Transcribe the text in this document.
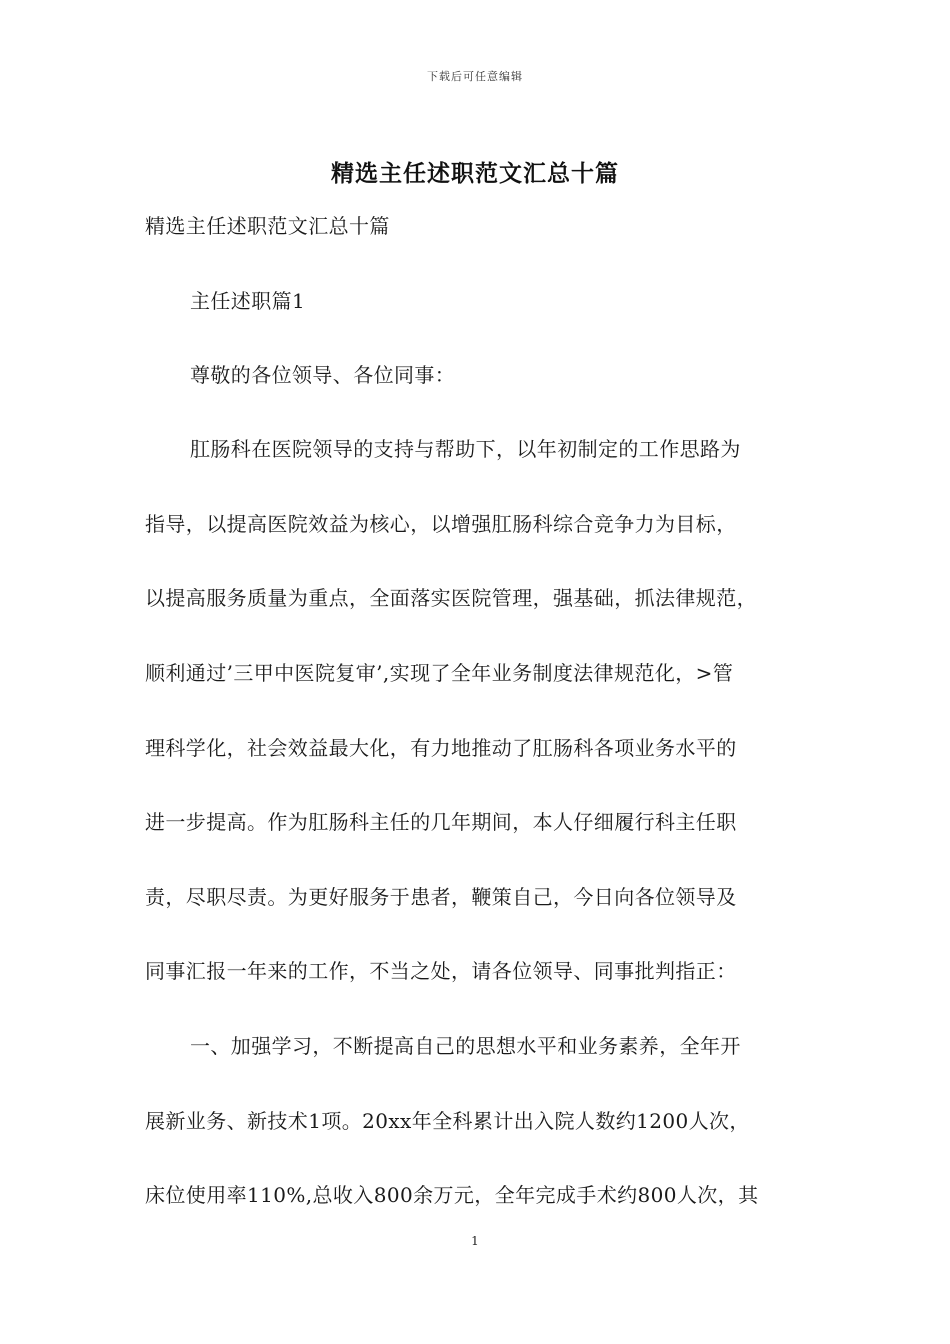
下载后可任意编辑
精选主任述职范文汇总十篇
精选主任述职范文汇总十篇
主任述职篇1
尊敬的各位领导、各位同事：
肛肠科在医院领导的支持与帮助下，以年初制定的工作思路为
指导，以提高医院效益为核心，以增强肛肠科综合竞争力为目标，
以提高服务质量为重点，全面落实医院管理，强基础，抓法律规范，
顺利通过’三甲中医院复审’,实现了全年业务制度法律规范化，>管
理科学化，社会效益最大化，有力地推动了肛肠科各项业务水平的
进一步提高。作为肛肠科主任的几年期间，本人仔细履行科主任职
责，尽职尽责。为更好服务于患者，鞭策自己，今日向各位领导及
同事汇报一年来的工作，不当之处，请各位领导、同事批判指正：
一、加强学习，不断提高自己的思想水平和业务素养，全年开
展新业务、新技术1项。20xx年全科累计出入院人数约1200人次，
床位使用率110%,总收入800余万元，全年完成手术约800人次，其
1
